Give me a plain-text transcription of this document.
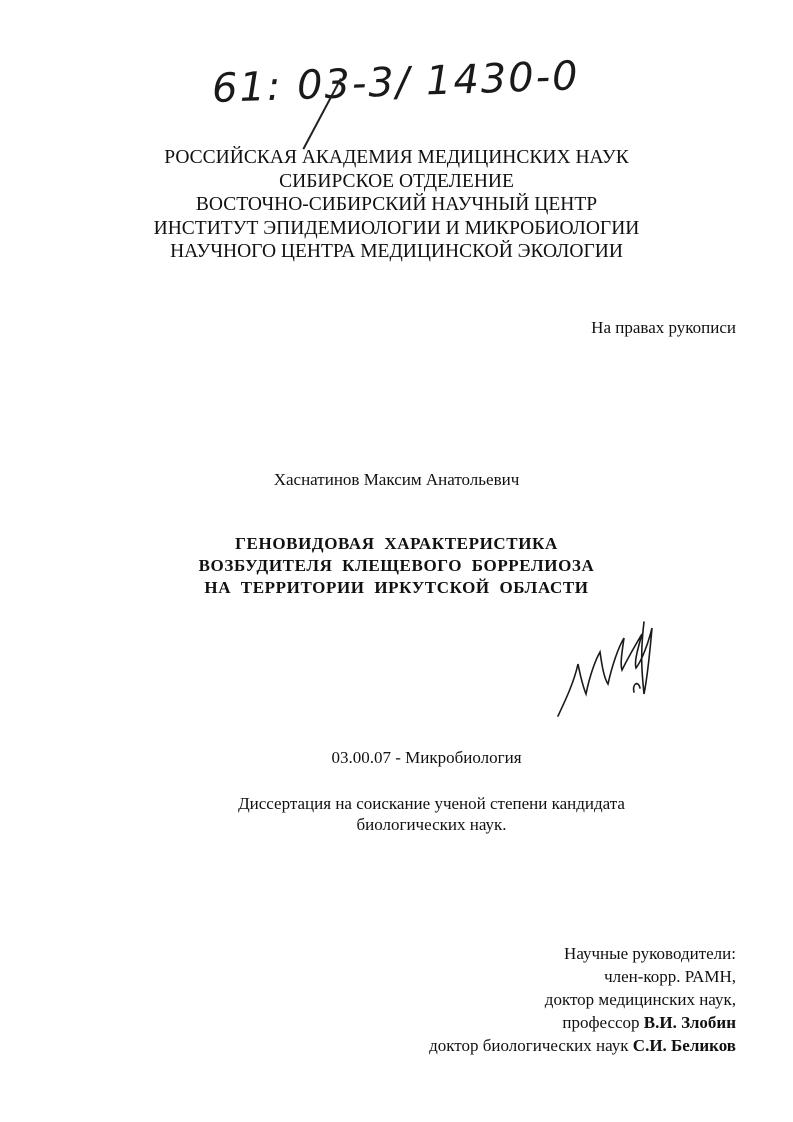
61: 03-3/ 1430-0
РОССИЙСКАЯ АКАДЕМИЯ МЕДИЦИНСКИХ НАУК
СИБИРСКОЕ ОТДЕЛЕНИЕ
ВОСТОЧНО-СИБИРСКИЙ НАУЧНЫЙ ЦЕНТР
ИНСТИТУТ ЭПИДЕМИОЛОГИИ И МИКРОБИОЛОГИИ
НАУЧНОГО ЦЕНТРА МЕДИЦИНСКОЙ ЭКОЛОГИИ
На правах рукописи
Хаснатинов Максим Анатольевич
ГЕНОВИДОВАЯ  ХАРАКТЕРИСТИКА
ВОЗБУДИТЕЛЯ  КЛЕЩЕВОГО  БОРРЕЛИОЗА
НА  ТЕРРИТОРИИ  ИРКУТСКОЙ  ОБЛАСТИ
03.00.07 - Микробиология
Диссертация на соискание ученой степени кандидата
биологических наук.
Научные руководители:
член-корр. РАМН,
доктор медицинских наук,
профессор В.И. Злобин
доктор биологических наук С.И. Беликов
